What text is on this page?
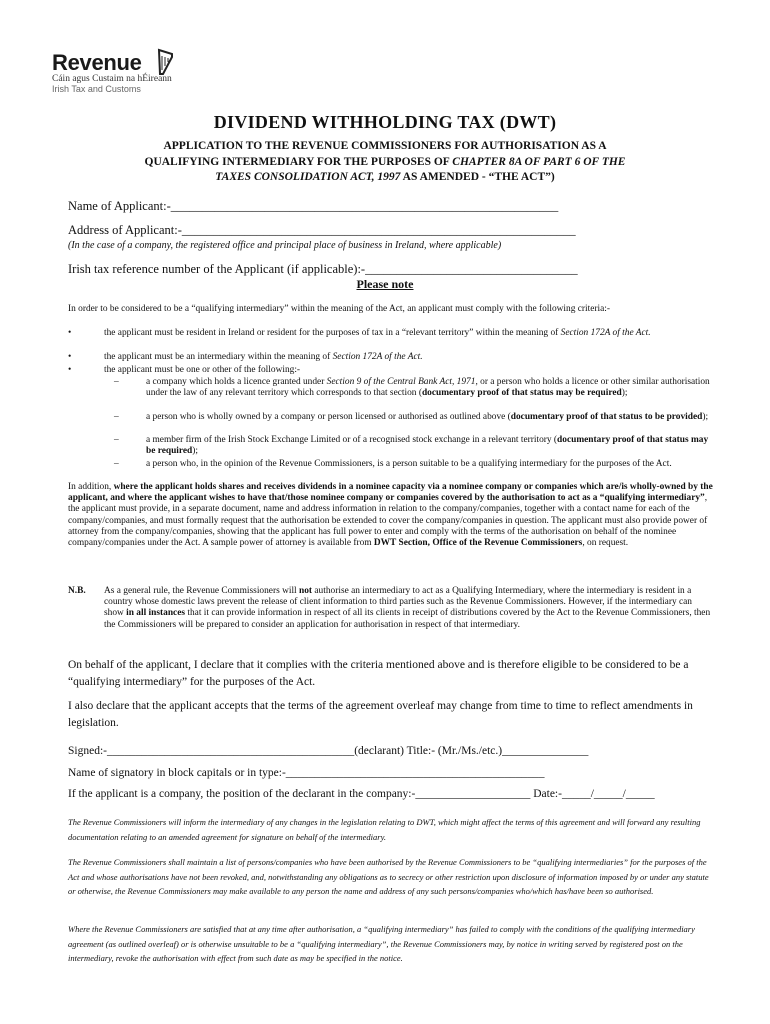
Revenue
Cáin agus Custaim na hÉireann
Irish Tax and Customs
DIVIDEND WITHHOLDING TAX (DWT)
APPLICATION TO THE REVENUE COMMISSIONERS FOR AUTHORISATION AS A
QUALIFYING INTERMEDIARY FOR THE PURPOSES OF CHAPTER 8A OF PART 6 OF THE
TAXES CONSOLIDATION ACT, 1997 AS AMENDED - “THE ACT”)
Name of Applicant:-______________________________________________________________
Address of Applicant:-_______________________________________________________________
(In the case of a company, the registered office and principal place of business in Ireland, where applicable)
Irish tax reference number of the Applicant (if applicable):-__________________________________
Please note
In order to be considered to be a “qualifying intermediary” within the meaning of the Act, an applicant must comply with the following criteria:-
•	the applicant must be resident in Ireland or resident for the purposes of tax in a “relevant territory” within the meaning of Section 172A of the Act.
•	the applicant must be an intermediary within the meaning of Section 172A of the Act.
•	the applicant must be one or other of the following:-
–	a company which holds a licence granted under Section 9 of the Central Bank Act, 1971, or a person who holds a licence or other similar authorisation under the law of any relevant territory which corresponds to that section (documentary proof of that status may be required);
–	a person who is wholly owned by a company or person licensed or authorised as outlined above (documentary proof of that status to be provided);
–	a member firm of the Irish Stock Exchange Limited or of a recognised stock exchange in a relevant territory (documentary proof of that status may be required);
–	a person who, in the opinion of the Revenue Commissioners, is a person suitable to be a qualifying intermediary for the purposes of the Act.
In addition, where the applicant holds shares and receives dividends in a nominee capacity via a nominee company or companies which are/is wholly-owned by the applicant, and where the applicant wishes to have that/those nominee company or companies covered by the authorisation to act as a “qualifying intermediary”, the applicant must provide, in a separate document, name and address information in relation to the company/companies, together with a contact name for each of the company/companies, and must formally request that the authorisation be extended to cover the company/companies in question. The applicant must also provide power of attorney from the company/companies, showing that the applicant has full power to enter and comply with the terms of the authorisation on behalf of the nominee company/companies under the Act. A sample power of attorney is available from DWT Section, Office of the Revenue Commissioners, on request.
N.B. As a general rule, the Revenue Commissioners will not authorise an intermediary to act as a Qualifying Intermediary, where the intermediary is resident in a country whose domestic laws prevent the release of client information to third parties such as the Revenue Commissioners. However, if the intermediary can show in all instances that it can provide information in respect of all its clients in receipt of distributions covered by the Act to the Revenue Commissioners, then the Commissioners will be prepared to consider an application for authorisation in respect of that intermediary.
On behalf of the applicant, I declare that it complies with the criteria mentioned above and is therefore eligible to be considered to be a “qualifying intermediary” for the purposes of the Act.
I also declare that the applicant accepts that the terms of the agreement overleaf may change from time to time to reflect amendments in legislation.
Signed:-___________________________________________(declarant) Title:- (Mr./Ms./etc.)_______________
Name of signatory in block capitals or in type:-_____________________________________________
If the applicant is a company, the position of the declarant in the company:-____________________ Date:-_____/_____/_____
The Revenue Commissioners will inform the intermediary of any changes in the legislation relating to DWT, which might affect the terms of this agreement and will forward any resulting documentation relating to an amended agreement for signature on behalf of the intermediary.
The Revenue Commissioners shall maintain a list of persons/companies who have been authorised by the Revenue Commissioners to be “qualifying intermediaries” for the purposes of the Act and whose authorisations have not been revoked, and, notwithstanding any obligations as to secrecy or other restriction upon disclosure of information imposed by or under any statute or otherwise, the Revenue Commissioners may make available to any person the name and address of any such persons/companies who/which has/have been so authorised.
Where the Revenue Commissioners are satisfied that at any time after authorisation, a “qualifying intermediary” has failed to comply with the conditions of the qualifying intermediary agreement (as outlined overleaf) or is otherwise unsuitable to be a “qualifying intermediary”, the Revenue Commissioners may, by notice in writing served by registered post on the intermediary, revoke the authorisation with effect from such date as may be specified in the notice.
